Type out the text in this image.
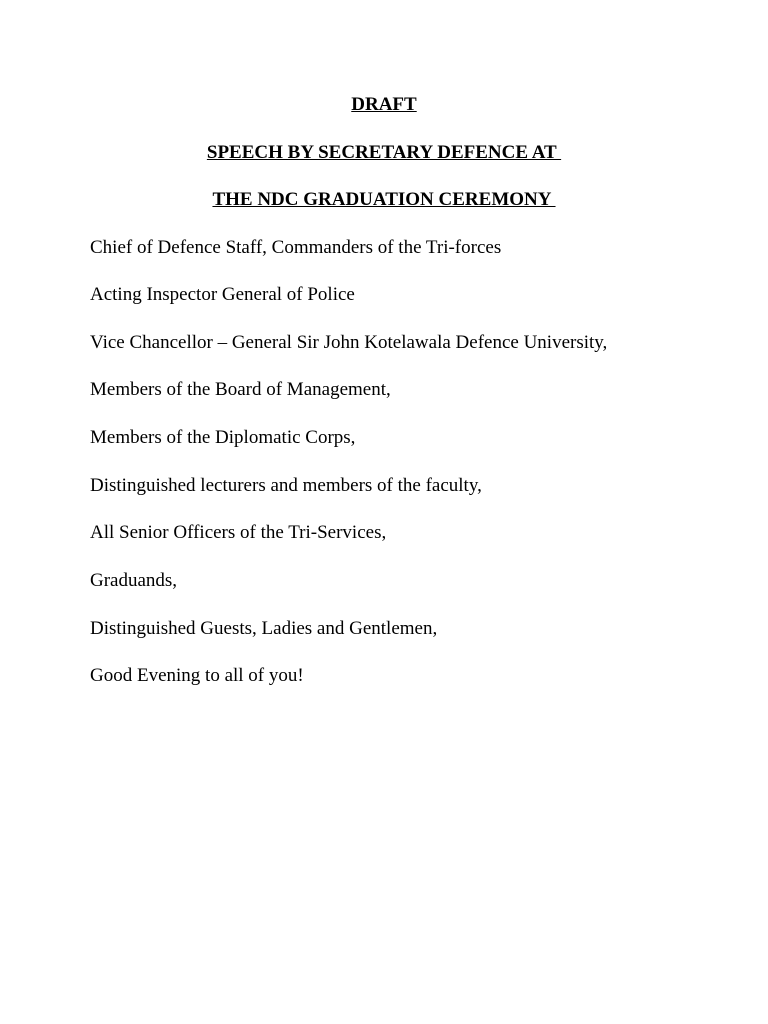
DRAFT
SPEECH BY SECRETARY DEFENCE AT
THE NDC GRADUATION CEREMONY
Chief of Defence Staff, Commanders of the Tri-forces
Acting Inspector General of Police
Vice Chancellor – General Sir John Kotelawala Defence University,
Members of the Board of Management,
Members of the Diplomatic Corps,
Distinguished lecturers and members of the faculty,
All Senior Officers of the Tri-Services,
Graduands,
Distinguished Guests, Ladies and Gentlemen,
Good Evening to all of you!
